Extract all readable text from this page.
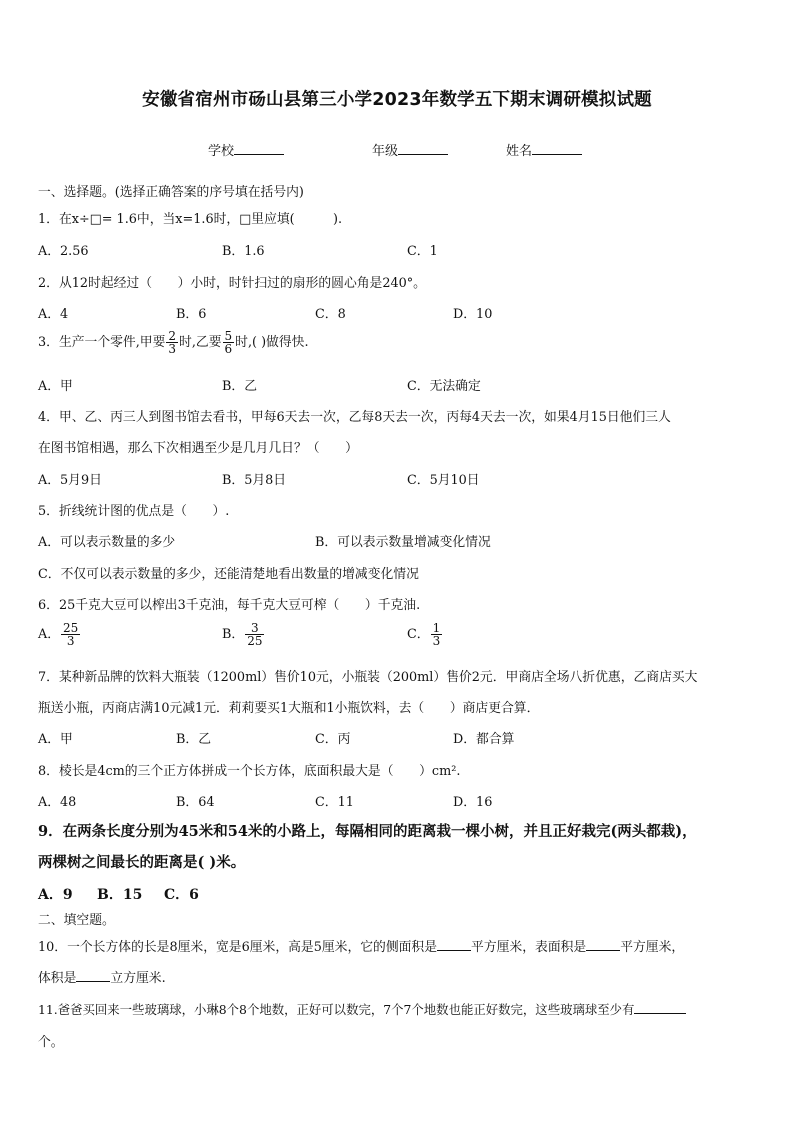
安徽省宿州市砀山县第三小学2023年数学五下期末调研模拟试题
学校	年级	姓名
一、选择题。(选择正确答案的序号填在括号内)
1．在x÷□= 1.6中，当x=1.6时，□里应填(　　　).
A．2.56	B．1.6	C．1
2．从12时起经过（　　）小时，时针扫过的扇形的圆心角是240°。
A．4	B．6	C．8	D．10
3．生产一个零件,甲要 $\frac{2}{3}$ 时,乙要 $\frac{5}{6}$ 时,( )做得快.
A．甲	B．乙	C．无法确定
4．甲、乙、丙三人到图书馆去看书，甲每6天去一次，乙每8天去一次，丙每4天去一次，如果4月15日他们三人
在图书馆相遇，那么下次相遇至少是几月几日？（　　）
A．5月9日	B．5月8日	C．5月10日
5．折线统计图的优点是（　　）.
A．可以表示数量的多少	B．可以表示数量增减变化情况
C．不仅可以表示数量的多少，还能清楚地看出数量的增减变化情况
6．25千克大豆可以榨出3千克油，每千克大豆可榨（　　）千克油.
A． $\frac{25}{3}$	B． $\frac{3}{25}$	C． $\frac{1}{3}$
7．某种新品牌的饮料大瓶装（1200ml）售价10元，小瓶装（200ml）售价2元．甲商店全场八折优惠，乙商店买大
瓶送小瓶，丙商店满10元减1元．莉莉要买1大瓶和1小瓶饮料，去（　　）商店更合算．
A．甲	B．乙	C．丙	D．都合算
8．棱长是4cm的三个正方体拼成一个长方体，底面积最大是（　　）cm².
A．48	B．64	C．11	D．16
9．在两条长度分别为45米和54米的小路上，每隔相同的距离栽一棵小树，并且正好栽完(两头都栽)，
两棵树之间最长的距离是( )米。
A．9 B．15 C．6
二、填空题。
10．一个长方体的长是8厘米，宽是6厘米，高是5厘米，它的侧面积是	平方厘米，表面积是	平方厘米，
体积是	立方厘米.
11.爸爸买回来一些玻璃球，小琳8个8个地数，正好可以数完，7个7个地数也能正好数完，这些玻璃球至少有
个。
